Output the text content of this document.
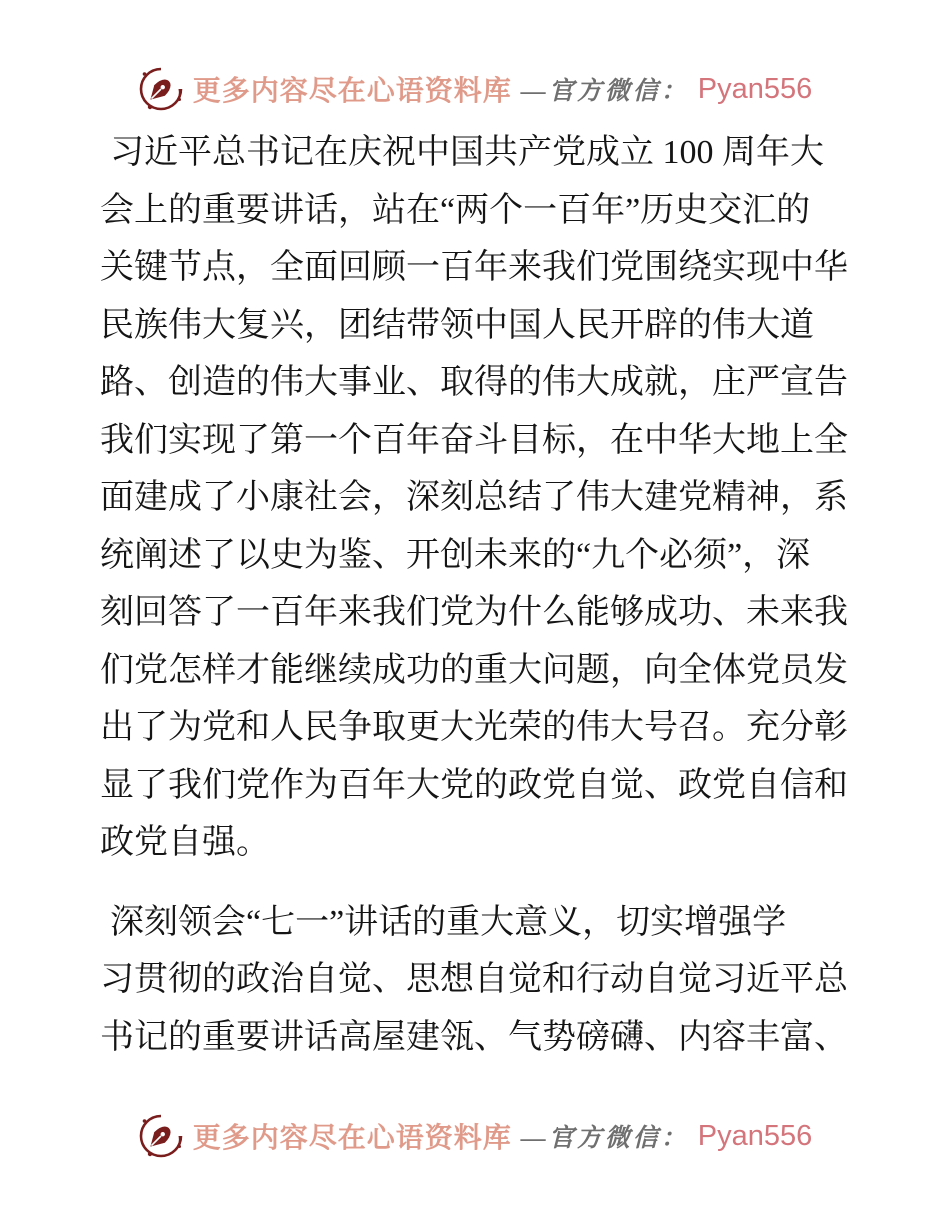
更多内容尽在心语资料库 —官方微信： Pyan556
习近平总书记在庆祝中国共产党成立 100 周年大
会上的重要讲话，站在“两个一百年”历史交汇的
关键节点，全面回顾一百年来我们党围绕实现中华
民族伟大复兴，团结带领中国人民开辟的伟大道
路、创造的伟大事业、取得的伟大成就，庄严宣告
我们实现了第一个百年奋斗目标，在中华大地上全
面建成了小康社会，深刻总结了伟大建党精神，系
统阐述了以史为鉴、开创未来的“九个必须”，深
刻回答了一百年来我们党为什么能够成功、未来我
们党怎样才能继续成功的重大问题，向全体党员发
出了为党和人民争取更大光荣的伟大号召。充分彰
显了我们党作为百年大党的政党自觉、政党自信和
政党自强。
深刻领会“七一”讲话的重大意义，切实增强学
习贯彻的政治自觉、思想自觉和行动自觉习近平总
书记的重要讲话高屋建瓴、气势磅礴、内容丰富、
更多内容尽在心语资料库 —官方微信： Pyan556
